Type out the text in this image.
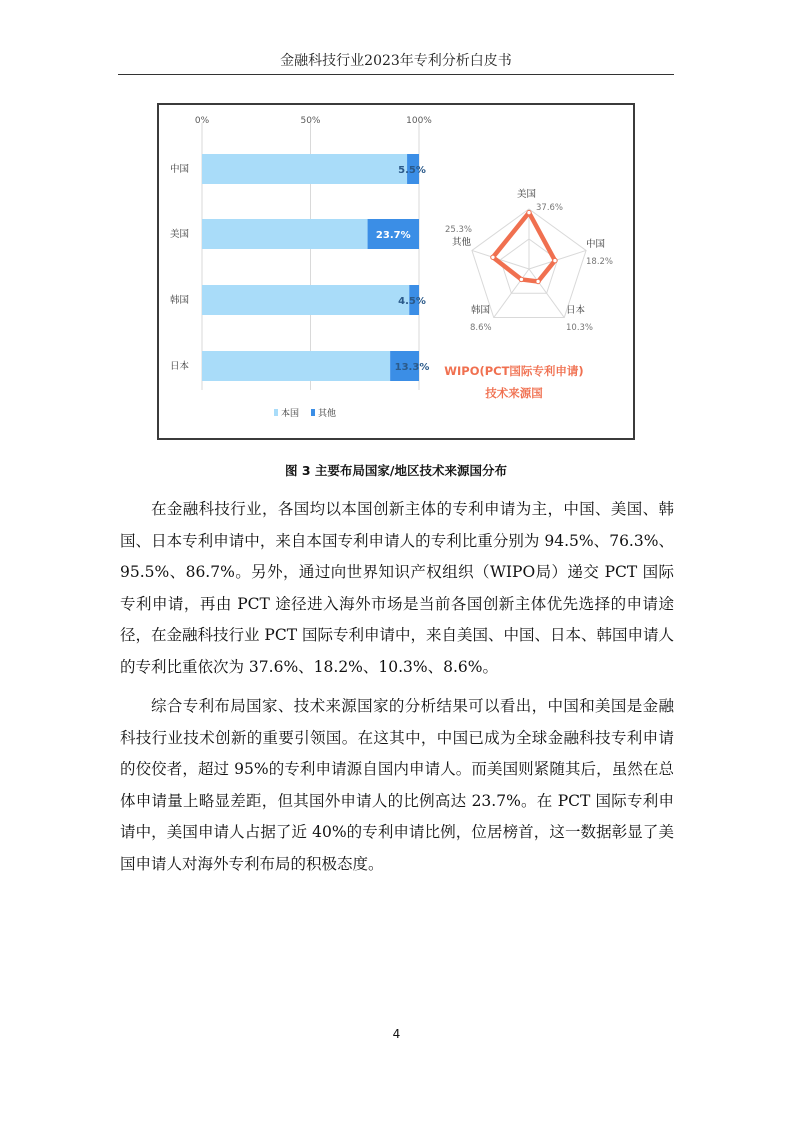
金融科技行业2023年专利分析白皮书
0%	50%	100%
中国
美国
韩国
日本
5.5%
23.7%
4.5%
13.3%
本国 其他
美国
中国
日本
韩国
其他
37.6%
18.2%
10.3%
8.6%
25.3%
WIPO(PCT国际专利申请)
技术来源国
图 3 主要布局国家/地区技术来源国分布

在金融科技行业，各国均以本国创新主体的专利申请为主，中国、美国、韩国、日本专利申请中，来自本国专利申请人的专利比重分别为 94.5%、76.3%、95.5%、86.7%。另外，通过向世界知识产权组织（WIPO局）递交 PCT 国际专利申请，再由 PCT 途径进入海外市场是当前各国创新主体优先选择的申请途径，在金融科技行业 PCT 国际专利申请中，来自美国、中国、日本、韩国申请人的专利比重依次为 37.6%、18.2%、10.3%、8.6%。

综合专利布局国家、技术来源国家的分析结果可以看出，中国和美国是金融科技行业技术创新的重要引领国。在这其中，中国已成为全球金融科技专利申请的佼佼者，超过 95%的专利申请源自国内申请人。而美国则紧随其后，虽然在总体申请量上略显差距，但其国外申请人的比例高达 23.7%。在 PCT 国际专利申请中，美国申请人占据了近 40%的专利申请比例，位居榜首，这一数据彰显了美国申请人对海外专利布局的积极态度。

4
